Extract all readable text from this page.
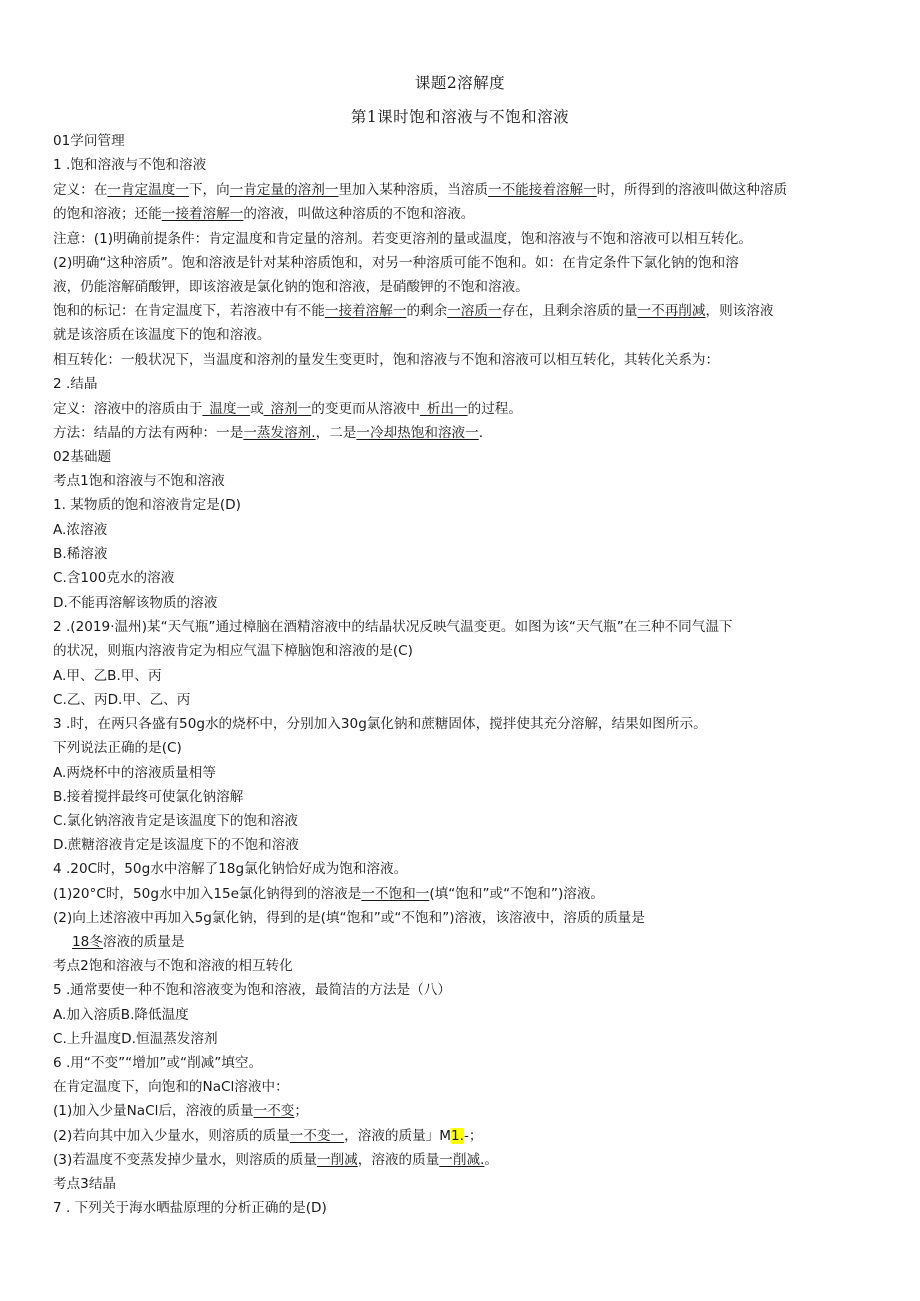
课题2溶解度
第1课时饱和溶液与不饱和溶液
01学问管理
1 .饱和溶液与不饱和溶液
定义：在一肯定温度一下，向一肯定量的溶剂一里加入某种溶质，当溶质一不能接着溶解一时，所得到的溶液叫做这种溶质
的饱和溶液；还能一接着溶解一的溶液，叫做这种溶质的不饱和溶液。
注意：(1)明确前提条件：肯定温度和肯定量的溶剂。若变更溶剂的量或温度，饱和溶液与不饱和溶液可以相互转化。
(2)明确“这种溶质”。饱和溶液是针对某种溶质饱和，对另一种溶质可能不饱和。如：在肯定条件下氯化钠的饱和溶
液，仍能溶解硝酸钾，即该溶液是氯化钠的饱和溶液，是硝酸钾的不饱和溶液。
饱和的标记：在肯定温度下，若溶液中有不能一接着溶解一的剩余一溶质一存在，且剩余溶质的量一不再削减，则该溶液
就是该溶质在该温度下的饱和溶液。
相互转化：一般状况下，当温度和溶剂的量发生变更时，饱和溶液与不饱和溶液可以相互转化，其转化关系为：
2 .结晶
定义：溶液中的溶质由于_温度一或_溶剂一的变更而从溶液中_析出一的过程。
方法：结晶的方法有两种：一是一蒸发溶剂.，二是一冷却热饱和溶液一.
02基础题
考点1饱和溶液与不饱和溶液
1. 某物质的饱和溶液肯定是(D)
A.浓溶液
B.稀溶液
C.含100克水的溶液
D.不能再溶解该物质的溶液
2 .(2019·温州)某“天气瓶”通过樟脑在酒精溶液中的结晶状况反映气温变更。如图为该“天气瓶”在三种不同气温下
的状况，则瓶内溶液肯定为相应气温下樟脑饱和溶液的是(C)
A.甲、乙B.甲、丙
C.乙、丙D.甲、乙、丙
3 .时，在两只各盛有50g水的烧杯中，分别加入30g氯化钠和蔗糖固体，搅拌使其充分溶解，结果如图所示。
下列说法正确的是(C)
A.两烧杯中的溶液质量相等
B.接着搅拌最终可使氯化钠溶解
C.氯化钠溶液肯定是该温度下的饱和溶液
D.蔗糖溶液肯定是该温度下的不饱和溶液
4 .20C时，50g水中溶解了18g氯化钠恰好成为饱和溶液。
(1)20°C时，50g水中加入15e氯化钠得到的溶液是一不饱和一(填“饱和”或“不饱和”)溶液。
(2)向上述溶液中再加入5g氯化钠，得到的是(填“饱和”或“不饱和”)溶液，该溶液中，溶质的质量是
18冬溶液的质量是
考点2饱和溶液与不饱和溶液的相互转化
5 .通常要使一种不饱和溶液变为饱和溶液，最简洁的方法是（八）
A.加入溶质B.降低温度
C.上升温度D.恒温蒸发溶剂
6 .用“不变”“增加”或“削减”填空。
在肯定温度下，向饱和的NaCl溶液中：
(1)加入少量NaCl后，溶液的质量一不变；
(2)若向其中加入少量水，则溶质的质量一不变一，溶液的质量」M1.-；
(3)若温度不变蒸发掉少量水，则溶质的质量一削减，溶液的质量一削减.。
考点3结晶
7 . 下列关于海水晒盐原理的分析正确的是(D)
